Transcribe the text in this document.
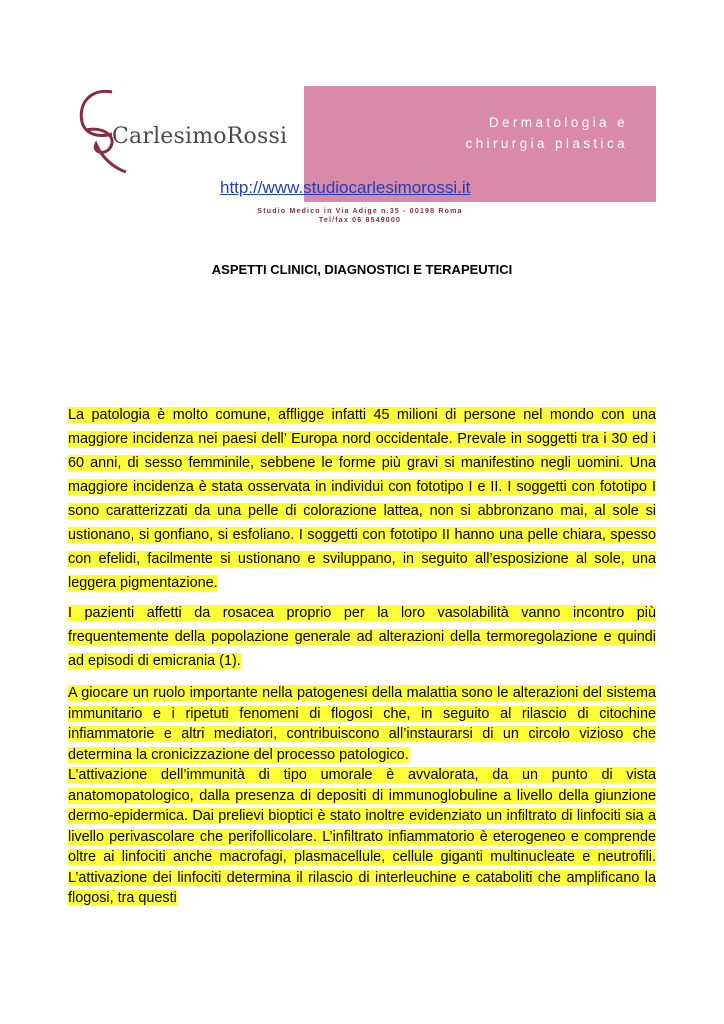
CarlesimoRossi
Dermatologia e
chirurgia plastica
http://www.studiocarlesimorossi.it
Studio Medico in Via Adige n.35 - 00198 Roma
Tel/fax 06 8549000
ASPETTI CLINICI, DIAGNOSTICI E TERAPEUTICI

La patologia è molto comune, affligge infatti 45 milioni di persone nel mondo con una maggiore incidenza nei paesi dell’ Europa nord occidentale. Prevale in soggetti tra i 30 ed i 60 anni, di sesso femminile, sebbene le forme più gravi si manifestino negli uomini. Una maggiore incidenza è stata osservata in individui con fototipo I e II. I soggetti con fototipo I sono caratterizzati da una pelle di colorazione lattea, non si abbronzano mai, al sole si ustionano, si gonfiano, si esfoliano. I soggetti con fototipo II hanno una pelle chiara, spesso con efelidi, facilmente si ustionano e sviluppano, in seguito all’esposizione al sole, una leggera pigmentazione.

I pazienti affetti da rosacea proprio per la loro vasolabilità vanno incontro più frequentemente della popolazione generale ad alterazioni della termoregolazione e quindi ad episodi di emicrania (1).

A giocare un ruolo importante nella patogenesi della malattia sono le alterazioni del sistema immunitario e i ripetuti fenomeni di flogosi che, in seguito al rilascio di citochine infiammatorie e altri mediatori, contribuiscono all’instaurarsi di un circolo vizioso che determina la cronicizzazione del processo patologico.

L’attivazione dell’immunità di tipo umorale è avvalorata, da un punto di vista anatomopatologico, dalla presenza di depositi di immunoglobuline a livello della giunzione dermo-epidermica. Dai prelievi bioptici è stato inoltre evidenziato un infiltrato di linfociti sia a livello perivascolare che perifollicolare. L’infiltrato infiammatorio è eterogeneo e comprende oltre ai linfociti anche macrofagi, plasmacellule, cellule giganti multinucleate e neutrofili. L’attivazione dei linfociti determina il rilascio di interleuchine e cataboliti che amplificano la flogosi, tra questi
